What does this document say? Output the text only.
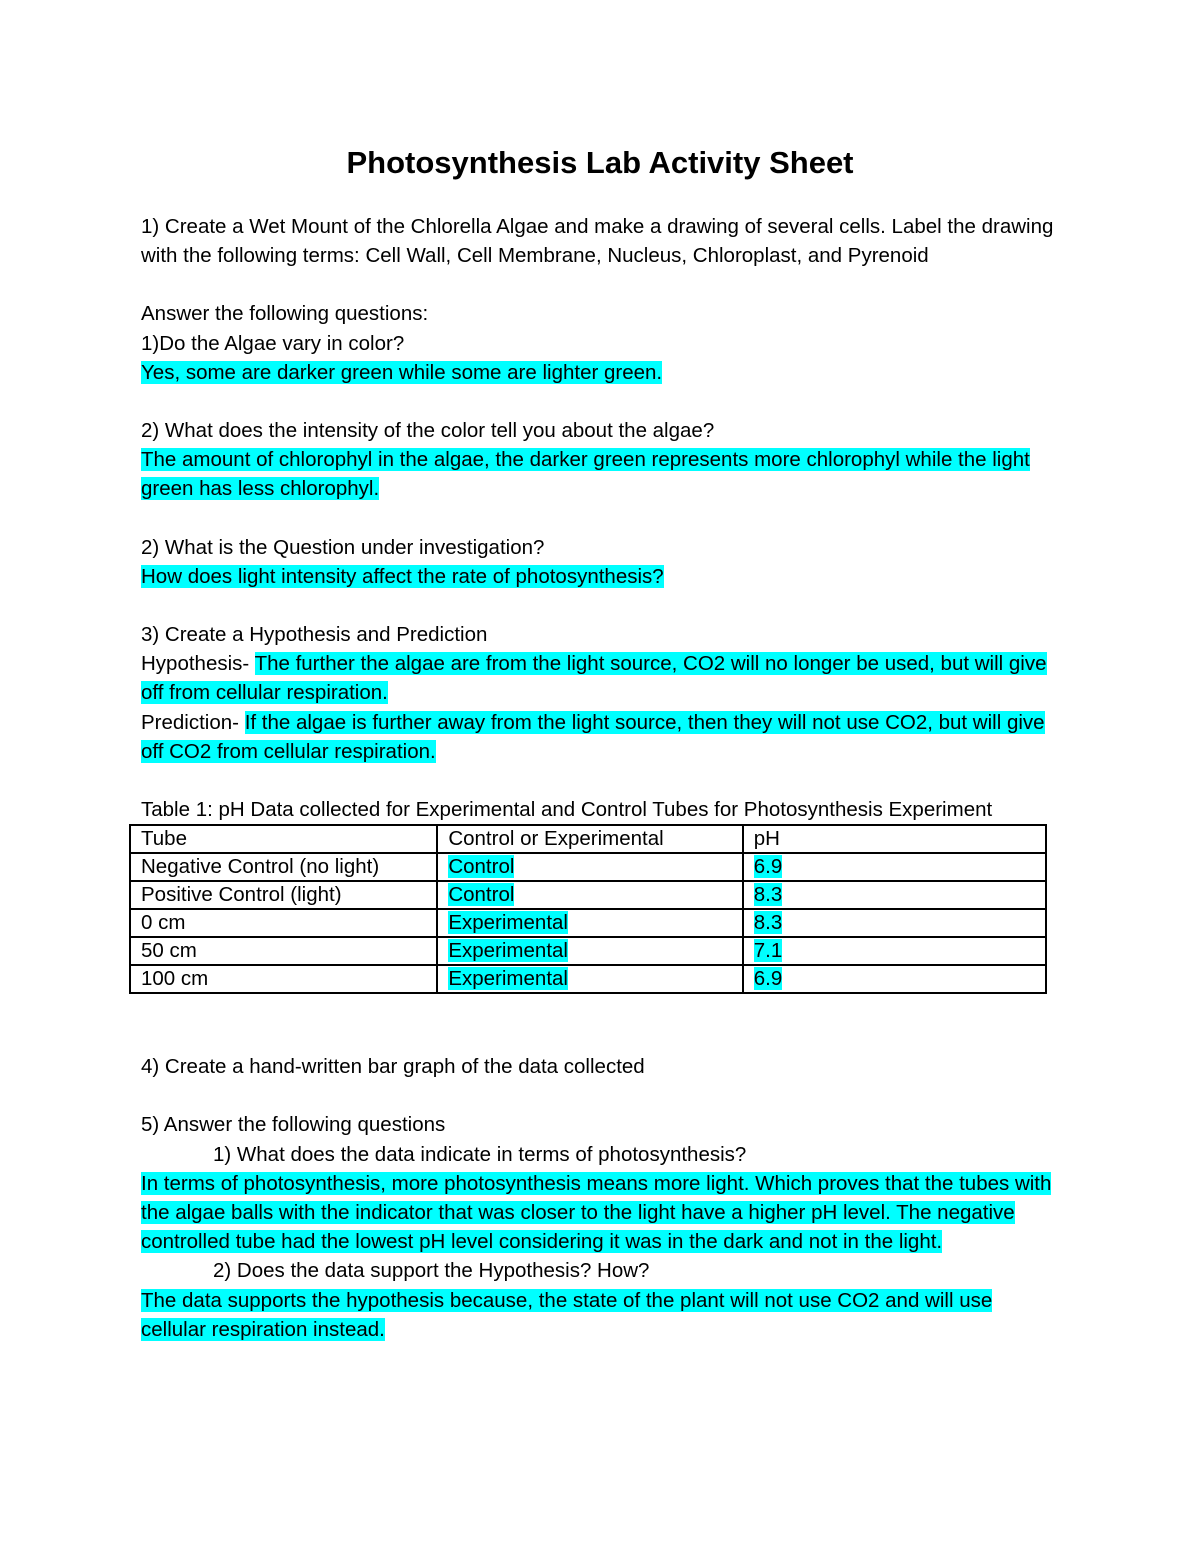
Photosynthesis Lab Activity Sheet

1) Create a Wet Mount of the Chlorella Algae and make a drawing of several cells. Label the drawing with the following terms: Cell Wall, Cell Membrane, Nucleus, Chloroplast, and Pyrenoid

Answer the following questions:

1)Do the Algae vary in color?

Yes, some are darker green while some are lighter green.

2) What does the intensity of the color tell you about the algae?

The amount of chlorophyl in the algae, the darker green represents more chlorophyl while the light green has less chlorophyl.

2) What is the Question under investigation?

How does light intensity affect the rate of photosynthesis?

3) Create a Hypothesis and Prediction

Hypothesis- The further the algae are from the light source, CO2 will no longer be used, but will give off from cellular respiration.

Prediction- If the algae is further away from the light source, then they will not use CO2, but will give off CO2 from cellular respiration.

Table 1: pH Data collected for Experimental and Control Tubes for Photosynthesis Experiment

Tube	Control or Experimental	pH
Negative Control (no light)	Control	6.9
Positive Control (light)	Control	8.3
0 cm	Experimental	8.3
50 cm	Experimental	7.1
100 cm	Experimental	6.9

4) Create a hand-written bar graph of the data collected

5) Answer the following questions

1) What does the data indicate in terms of photosynthesis?

In terms of photosynthesis, more photosynthesis means more light. Which proves that the tubes with the algae balls with the indicator that was closer to the light have a higher pH level. The negative controlled tube had the lowest pH level considering it was in the dark and not in the light.

2) Does the data support the Hypothesis? How?

The data supports the hypothesis because, the state of the plant will not use CO2 and will use cellular respiration instead.
